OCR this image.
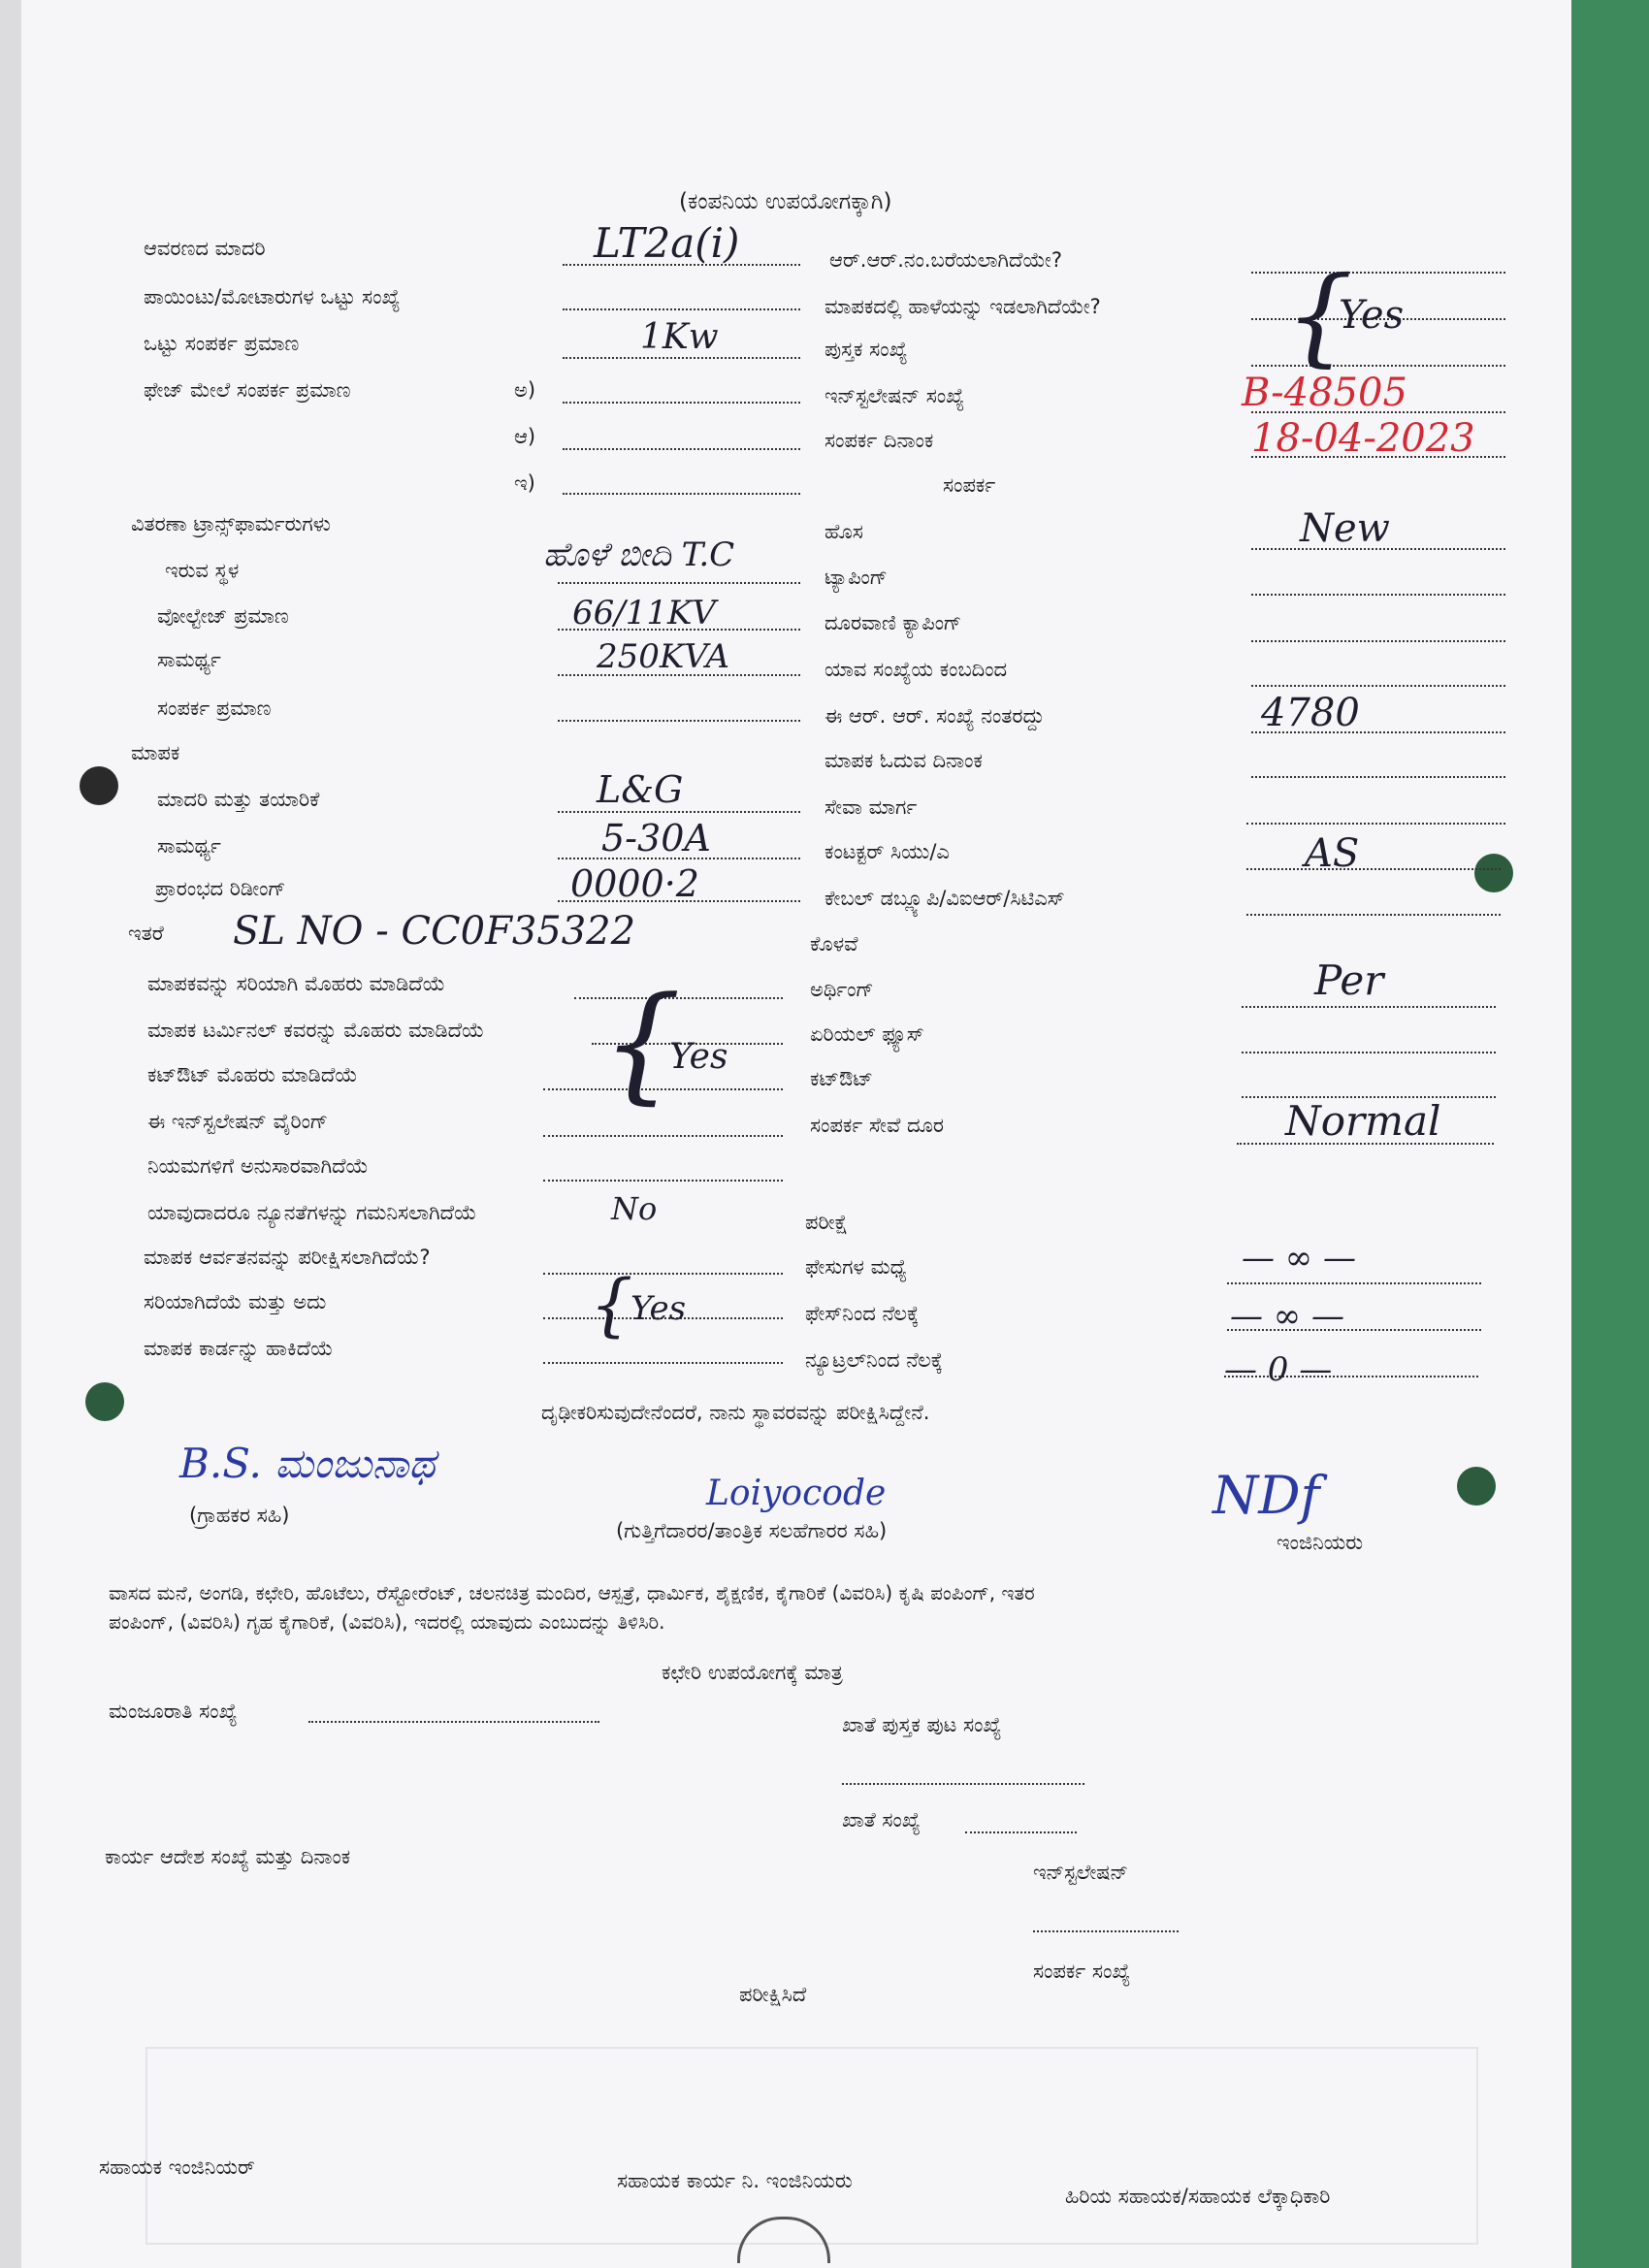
(ಕಂಪನಿಯ ಉಪಯೋಗಕ್ಕಾಗಿ)
ಆವರಣದ ಮಾದರಿ
ಪಾಯಿಂಟು/ಮೋಟಾರುಗಳ ಒಟ್ಟು ಸಂಖ್ಯೆ
ಒಟ್ಟು ಸಂಪರ್ಕ ಪ್ರಮಾಣ
ಫೇಜ್ ಮೇಲೆ ಸಂಪರ್ಕ ಪ್ರಮಾಣ	ಅ)
ಆ)
ಇ)
ವಿತರಣಾ ಟ್ರಾನ್ಸ್‌ಫಾರ್ಮರುಗಳು
ಇರುವ ಸ್ಥಳ
ವೋಲ್ಟೇಜ್ ಪ್ರಮಾಣ
ಸಾಮರ್ಥ್ಯ
ಸಂಪರ್ಕ ಪ್ರಮಾಣ
ಮಾಪಕ
ಮಾದರಿ ಮತ್ತು ತಯಾರಿಕೆ
ಸಾಮರ್ಥ್ಯ
ಪ್ರಾರಂಭದ ರಿಡೀಂಗ್
ಇತರೆ
LT2a(i)
1Kw
ಹೊಳೆ ಬೀದಿ T.C
66/11KV
250KVA
L&G
5-30A
0000·2
SL NO - CC0F35322
ಆರ್.ಆರ್.ನಂ.ಬರೆಯಲಾಗಿದೆಯೇ?
ಮಾಪಕದಲ್ಲಿ ಹಾಳೆಯನ್ನು ಇಡಲಾಗಿದೆಯೇ?
ಪುಸ್ತಕ ಸಂಖ್ಯೆ
ಇನ್‌ಸ್ಟಲೇಷನ್ ಸಂಖ್ಯೆ
ಸಂಪರ್ಕ ದಿನಾಂಕ
ಸಂಪರ್ಕ
ಹೊಸ
ಟ್ಯಾಪಿಂಗ್
ದೂರವಾಣಿ ಕ್ಯಾಪಿಂಗ್
ಯಾವ ಸಂಖ್ಯೆಯ ಕಂಬದಿಂದ
ಈ ಆರ್. ಆರ್. ಸಂಖ್ಯೆ ನಂತರದ್ದು
ಮಾಪಕ ಓದುವ ದಿನಾಂಕ
ಸೇವಾ ಮಾರ್ಗ
ಕಂಟಕ್ಟರ್ ಸಿಯು/ಎ
ಕೇಬಲ್ ಡಬ್ಲ್ಯೂಪಿ/ವಿಐಆರ್/ಸಿಟಿಎಸ್
ಕೊಳವೆ
ಅರ್ಥಿಂಗ್
ಏರಿಯಲ್ ಫ್ಯೂಸ್
ಕಟ್‌ಔಟ್
ಸಂಪರ್ಕ ಸೇವೆ ದೂರ
{
Yes
B-48505
18-04-2023
New
4780
AS
Per
Normal
ಮಾಪಕವನ್ನು ಸರಿಯಾಗಿ ಮೊಹರು ಮಾಡಿದೆಯೆ
ಮಾಪಕ ಟರ್ಮಿನಲ್ ಕವರನ್ನು ಮೊಹರು ಮಾಡಿದೆಯೆ
ಕಟ್‌ಔಟ್ ಮೊಹರು ಮಾಡಿದೆಯೆ
ಈ ಇನ್‌ಸ್ಟಲೇಷನ್ ವೈರಿಂಗ್
ನಿಯಮಗಳಿಗೆ ಅನುಸಾರವಾಗಿದೆಯೆ
ಯಾವುದಾದರೂ ನ್ಯೂನತೆಗಳನ್ನು ಗಮನಿಸಲಾಗಿದೆಯೆ
ಮಾಪಕ ಆರ್ವತನವನ್ನು ಪರೀಕ್ಷಿಸಲಾಗಿದೆಯೆ?
ಸರಿಯಾಗಿದೆಯೆ ಮತ್ತು ಅದು
ಮಾಪಕ ಕಾರ್ಡನ್ನು ಹಾಕಿದೆಯೆ
{
Yes
No
{
Yes
ಪರೀಕ್ಷೆ
ಫೇಸುಗಳ ಮಧ್ಯೆ
ಫೇಸ್‌ನಿಂದ ನೆಲಕ್ಕೆ
ನ್ಯೂಟ್ರಲ್‌ನಿಂದ ನೆಲಕ್ಕೆ
— ∞ —
— ∞ —
— 0 —
ದೃಢೀಕರಿಸುವುದೇನೆಂದರೆ, ನಾನು ಸ್ಥಾವರವನ್ನು ಪರೀಕ್ಷಿಸಿದ್ದೇನೆ.
B.S. ಮಂಜುನಾಥ
(ಗ್ರಾಹಕರ ಸಹಿ)
Loiyocode
(ಗುತ್ತಿಗೆದಾರರ/ತಾಂತ್ರಿಕ ಸಲಹೆಗಾರರ ಸಹಿ)
NDf
ಇಂಜಿನಿಯರು
ವಾಸದ ಮನೆ, ಅಂಗಡಿ, ಕಛೇರಿ, ಹೊಟೆಲು, ರೆಸ್ಟೋರೆಂಟ್, ಚಲನಚಿತ್ರ ಮಂದಿರ, ಆಸ್ಪತ್ರೆ, ಧಾರ್ಮಿಕ, ಶೈಕ್ಷಣಿಕ, ಕೈಗಾರಿಕೆ (ವಿವರಿಸಿ) ಕೃಷಿ ಪಂಪಿಂಗ್, ಇತರ
ಪಂಪಿಂಗ್, (ವಿವರಿಸಿ) ಗೃಹ ಕೈಗಾರಿಕೆ, (ವಿವರಿಸಿ), ಇದರಲ್ಲಿ ಯಾವುದು ಎಂಬುದನ್ನು ತಿಳಿಸಿರಿ.
ಕಛೇರಿ ಉಪಯೋಗಕ್ಕೆ ಮಾತ್ರ
ಮಂಜೂರಾತಿ ಸಂಖ್ಯೆ
ಖಾತೆ ಪುಸ್ತಕ ಪುಟ ಸಂಖ್ಯೆ
ಖಾತೆ ಸಂಖ್ಯೆ
ಕಾರ್ಯ ಆದೇಶ ಸಂಖ್ಯೆ ಮತ್ತು ದಿನಾಂಕ
ಇನ್‌ಸ್ಟಲೇಷನ್
ಸಂಪರ್ಕ ಸಂಖ್ಯೆ
ಪರೀಕ್ಷಿಸಿದೆ
ಸಹಾಯಕ ಇಂಜಿನಿಯರ್
ಸಹಾಯಕ ಕಾರ್ಯ ನಿ. ಇಂಜಿನಿಯರು
ಹಿರಿಯ ಸಹಾಯಕ/ಸಹಾಯಕ ಲೆಕ್ಕಾಧಿಕಾರಿ
